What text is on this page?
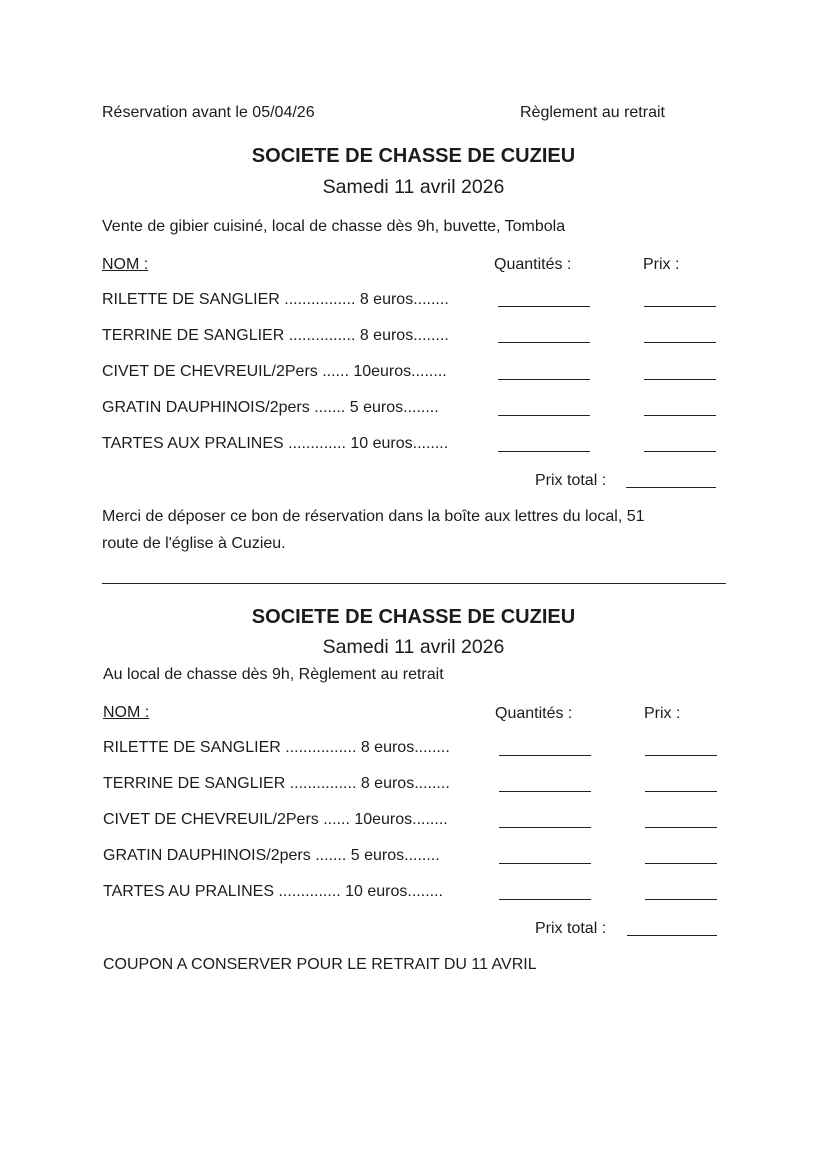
Réservation avant le 05/04/26	Règlement au retrait
SOCIETE DE CHASSE DE CUZIEU
Samedi 11 avril 2026
Vente de gibier cuisiné, local de chasse dès 9h, buvette, Tombola
NOM :	Quantités :	Prix :
RILETTE DE SANGLIER ................ 8 euros........
TERRINE DE SANGLIER ............... 8 euros........
CIVET DE CHEVREUIL/2Pers ...... 10euros........
GRATIN DAUPHINOIS/2pers ....... 5 euros........
TARTES AUX PRALINES ............. 10 euros........
Prix total :
Merci de déposer ce bon de réservation dans la boîte aux lettres du local, 51
route de l'église à Cuzieu.
SOCIETE DE CHASSE DE CUZIEU
Samedi 11 avril 2026
Au local de chasse dès 9h, Règlement au retrait
NOM :	Quantités :	Prix :
RILETTE DE SANGLIER ................ 8 euros........
TERRINE DE SANGLIER ............... 8 euros........
CIVET DE CHEVREUIL/2Pers ...... 10euros........
GRATIN DAUPHINOIS/2pers ....... 5 euros........
TARTES AU PRALINES .............. 10 euros........
Prix total :
COUPON A CONSERVER POUR LE RETRAIT DU 11 AVRIL
